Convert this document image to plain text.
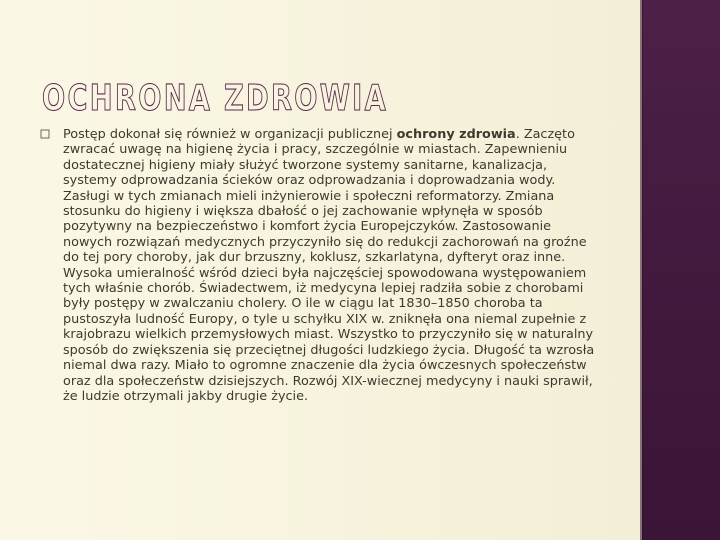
OCHRONA ZDROWIA

Postęp dokonał się również w organizacji publicznej ochrony zdrowia. Zaczęto zwracać uwagę na higienę życia i pracy, szczególnie w miastach. Zapewnieniu dostatecznej higieny miały służyć tworzone systemy sanitarne, kanalizacja, systemy odprowadzania ścieków oraz odprowadzania i doprowadzania wody. Zasługi w tych zmianach mieli inżynierowie i społeczni reformatorzy. Zmiana stosunku do higieny i większa dbałość o jej zachowanie wpłynęła w sposób pozytywny na bezpieczeństwo i komfort życia Europejczyków. Zastosowanie nowych rozwiązań medycznych przyczyniło się do redukcji zachorowań na groźne do tej pory choroby, jak dur brzuszny, koklusz, szkarlatyna, dyfteryt oraz inne. Wysoka umieralność wśród dzieci była najczęściej spowodowana występowaniem tych właśnie chorób. Świadectwem, iż medycyna lepiej radziła sobie z chorobami były postępy w zwalczaniu cholery. O ile w ciągu lat 1830–1850 choroba ta pustoszyła ludność Europy, o tyle u schyłku XIX w. zniknęła ona niemal zupełnie z krajobrazu wielkich przemysłowych miast. Wszystko to przyczyniło się w naturalny sposób do zwiększenia się przeciętnej długości ludzkiego życia. Długość ta wzrosła niemal dwa razy. Miało to ogromne znaczenie dla życia ówczesnych społeczeństw oraz dla społeczeństw dzisiejszych. Rozwój XIX-wiecznej medycyny i nauki sprawił, że ludzie otrzymali jakby drugie życie.
